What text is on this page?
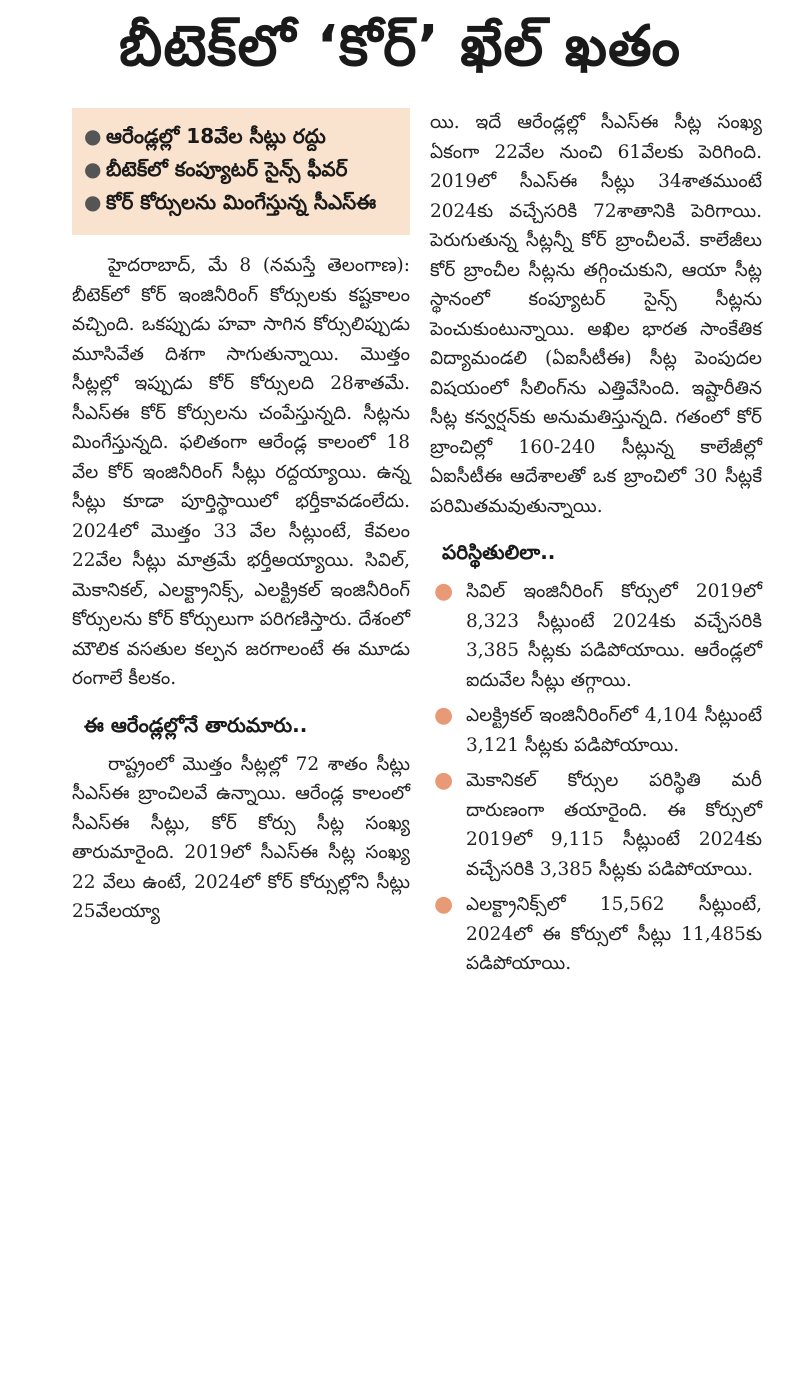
బీటెక్‌లో ‘కోర్’ ఖేల్ ఖతం
● ఆరేండ్లల్లో 18వేల సీట్లు రద్దు
● బీటెక్‌లో కంప్యూటర్ సైన్స్ ఫీవర్
● కోర్ కోర్సులను మింగేస్తున్న సీఎస్ఈ

హైదరాబాద్, మే 8 (నమస్తే తెలంగాణ): బీటెక్‌లో కోర్ ఇంజినీరింగ్ కోర్సులకు కష్టకాలం వచ్చింది. ఒకప్పుడు హవా సాగిన కోర్సులిప్పుడు మూసివేత దిశగా సాగుతున్నాయి. మొత్తం సీట్లల్లో ఇప్పుడు కోర్ కోర్సులది 28శాతమే. సీఎస్ఈ కోర్ కోర్సులను చంపేస్తున్నది. సీట్లను మింగేస్తున్నది. ఫలితంగా ఆరేండ్ల కాలంలో 18 వేల కోర్ ఇంజినీరింగ్ సీట్లు రద్దయ్యాయి. ఉన్న సీట్లు కూడా పూర్తిస్థాయిలో భర్తీకావడంలేదు. 2024లో మొత్తం 33 వేల సీట్లుంటే, కేవలం 22వేల సీట్లు మాత్రమే భర్తీఅయ్యాయి. సివిల్, మెకానికల్, ఎలక్ట్రానిక్స్, ఎలక్ట్రికల్ ఇంజినీరింగ్ కోర్సులను కోర్ కోర్సులుగా పరిగణిస్తారు. దేశంలో మౌలిక వసతుల కల్పన జరగాలంటే ఈ మూడు రంగాలే కీలకం.

ఈ ఆరేండ్లల్లోనే తారుమారు..

రాష్ట్రంలో మొత్తం సీట్లల్లో 72 శాతం సీట్లు సీఎస్ఈ బ్రాంచిలవే ఉన్నాయి. ఆరేండ్ల కాలంలో సీఎస్ఈ సీట్లు, కోర్ కోర్సు సీట్ల సంఖ్య తారుమారైంది. 2019లో సీఎస్ఈ సీట్ల సంఖ్య 22 వేలు ఉంటే, 2024లో కోర్ కోర్సుల్లోని సీట్లు 25వేలయ్యా

యి. ఇదే ఆరేండ్లల్లో సీఎస్ఈ సీట్ల సంఖ్య ఏకంగా 22వేల నుంచి 61వేలకు పెరిగింది. 2019లో సీఎస్ఈ సీట్లు 34శాతముంటే 2024కు వచ్చేసరికి 72శాతానికి పెరిగాయి. పెరుగుతున్న సీట్లన్నీ కోర్ బ్రాంచీలవే. కాలేజీలు కోర్ బ్రాంచీల సీట్లను తగ్గించుకుని, ఆయా సీట్ల స్థానంలో కంప్యూటర్ సైన్స్ సీట్లను పెంచుకుంటున్నాయి. అఖిల భారత సాంకేతిక విద్యామండలి (ఏఐసీటీఈ) సీట్ల పెంపుదల విషయంలో సీలింగ్‌ను ఎత్తివేసింది. ఇష్టారీతిన సీట్ల కన్వర్షన్‌కు అనుమతిస్తున్నది. గతంలో కోర్ బ్రాంచిల్లో 160-240 సీట్లున్న కాలేజీల్లో ఏఐసీటీఈ ఆదేశాలతో ఒక బ్రాంచిలో 30 సీట్లకే పరిమితమవుతున్నాయి.

పరిస్థితులిలా..
● సివిల్ ఇంజినీరింగ్ కోర్సులో 2019లో 8,323 సీట్లుంటే 2024కు వచ్చేసరికి 3,385 సీట్లకు పడిపోయాయి. ఆరేండ్లలో ఐదువేల సీట్లు తగ్గాయి.

● ఎలక్ట్రికల్ ఇంజినీరింగ్‌లో 4,104 సీట్లుంటే 3,121 సీట్లకు పడిపోయాయి.

● మెకానికల్ కోర్సుల పరిస్థితి మరీ దారుణంగా తయారైంది. ఈ కోర్సులో 2019లో 9,115 సీట్లుంటే 2024కు వచ్చేసరికి 3,385 సీట్లకు పడిపోయాయి.

● ఎలక్ట్రానిక్స్‌లో 15,562 సీట్లుంటే, 2024లో ఈ కోర్సులో సీట్లు 11,485కు పడిపోయాయి.
